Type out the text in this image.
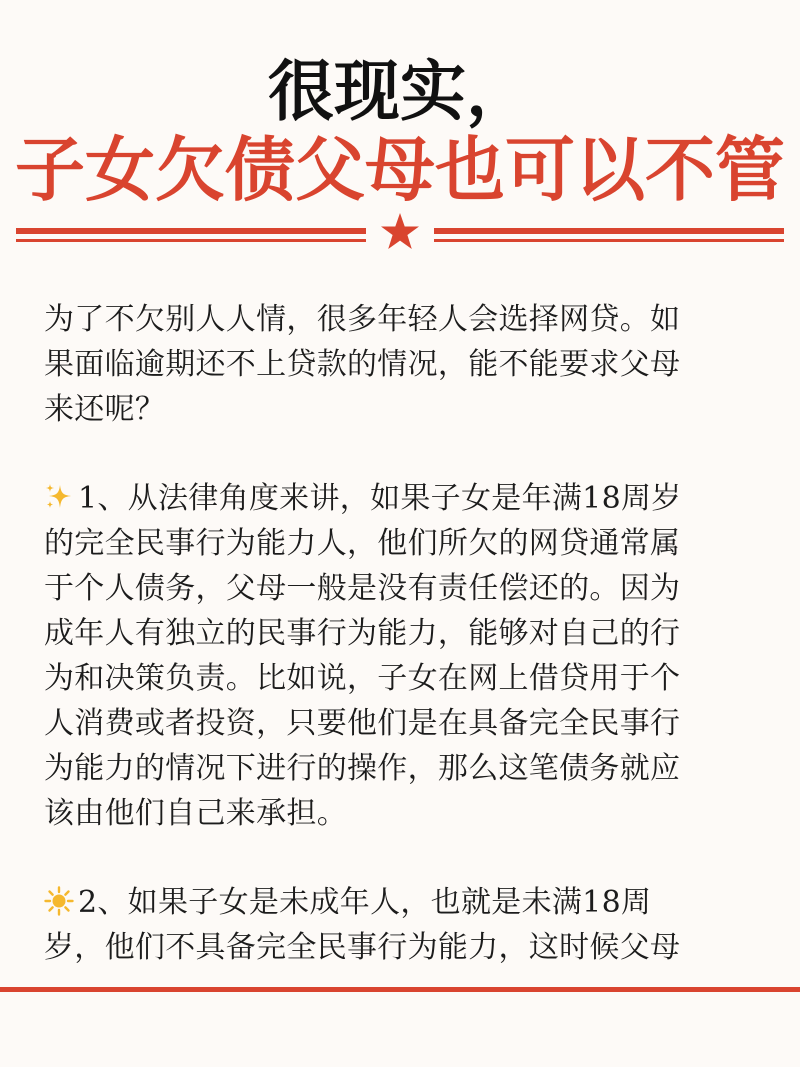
很现实，
子女欠债父母也可以不管

为了不欠别人人情，很多年轻人会选择网贷。如
果面临逾期还不上贷款的情况，能不能要求父母
来还呢？

1、从法律角度来讲，如果子女是年满18周岁
的完全民事行为能力人，他们所欠的网贷通常属
于个人债务，父母一般是没有责任偿还的。因为
成年人有独立的民事行为能力，能够对自己的行
为和决策负责。比如说，子女在网上借贷用于个
人消费或者投资，只要他们是在具备完全民事行
为能力的情况下进行的操作，那么这笔债务就应
该由他们自己来承担。

2、如果子女是未成年人，也就是未满18周
岁，他们不具备完全民事行为能力，这时候父母
